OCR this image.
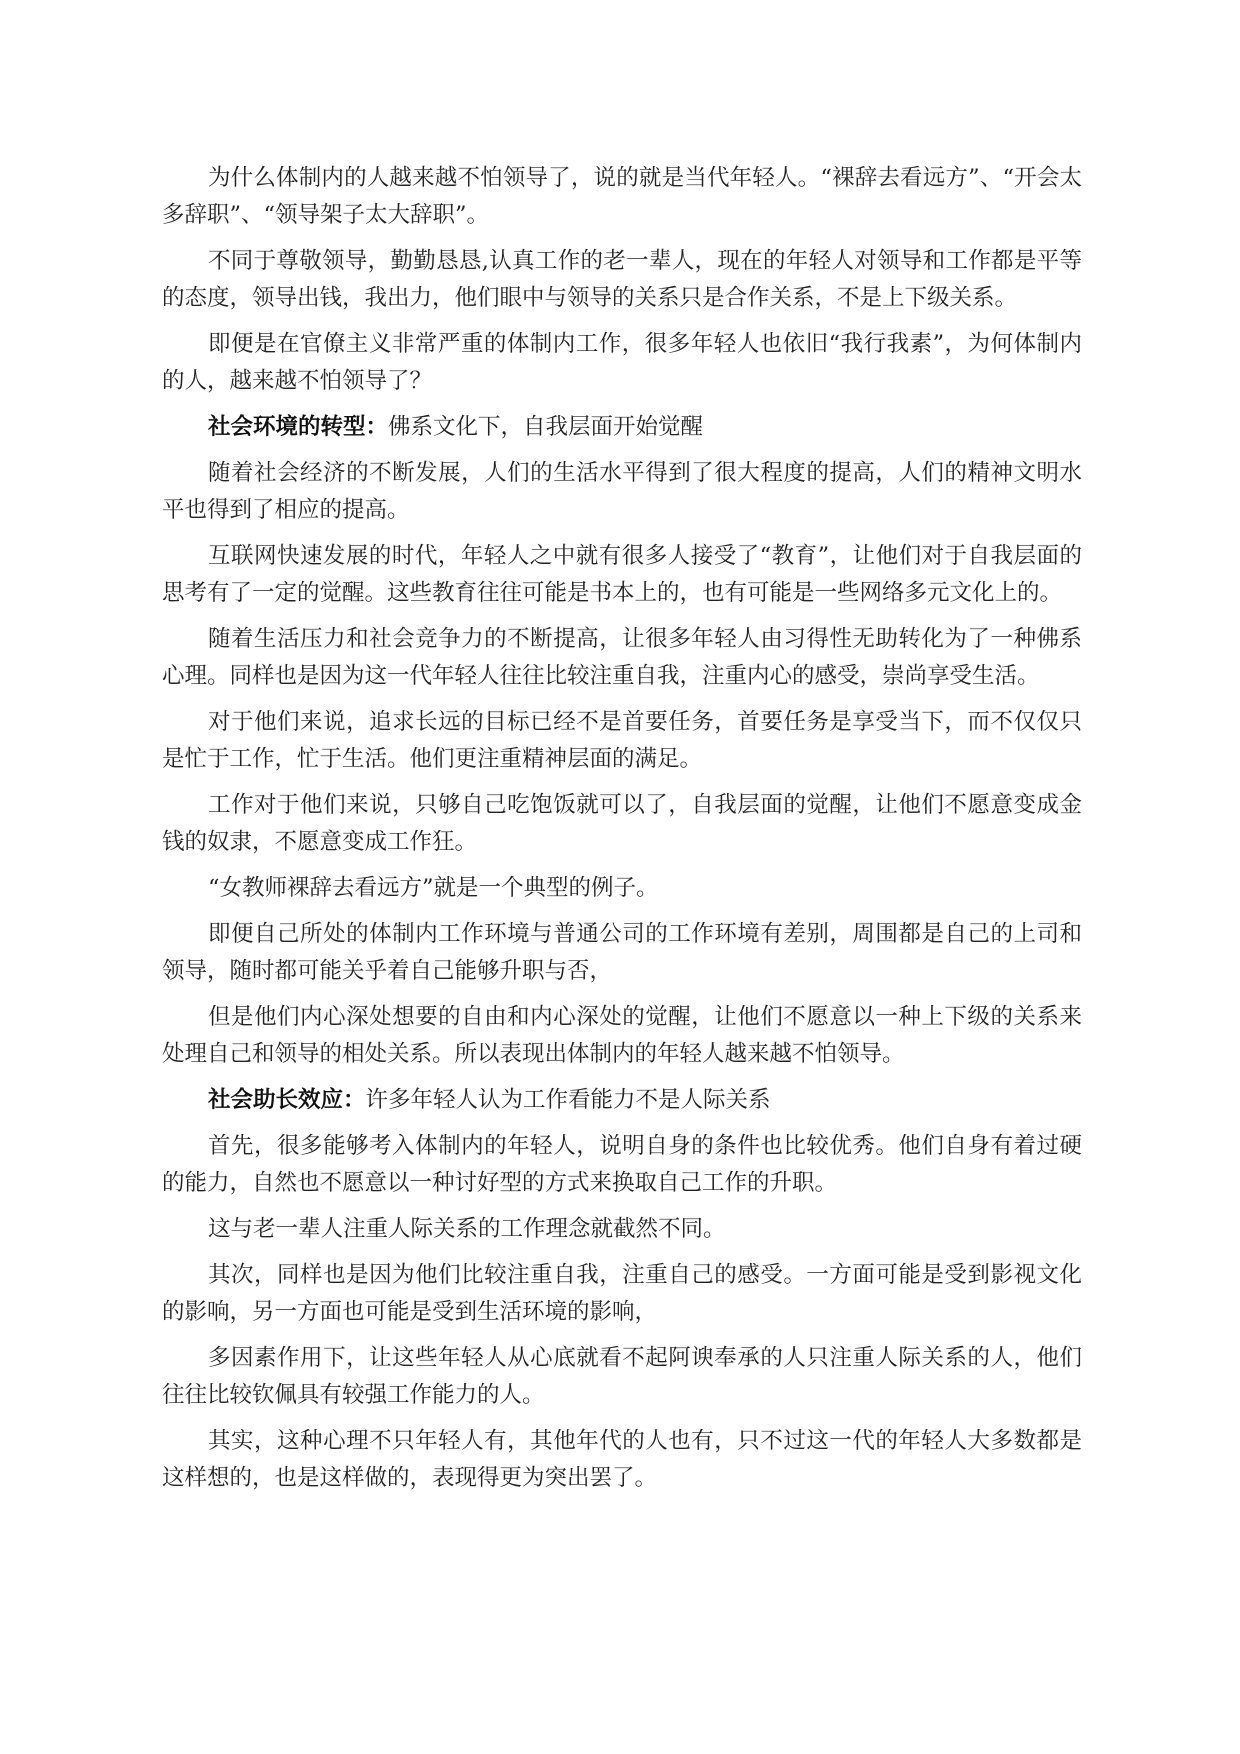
为什么体制内的人越来越不怕领导了，说的就是当代年轻人。“裸辞去看远方”、“开会太多辞职”、“领导架子太大辞职”。

不同于尊敬领导，勤勤恳恳,认真工作的老一辈人，现在的年轻人对领导和工作都是平等的态度，领导出钱，我出力，他们眼中与领导的关系只是合作关系，不是上下级关系。

即便是在官僚主义非常严重的体制内工作，很多年轻人也依旧“我行我素”，为何体制内的人，越来越不怕领导了？

社会环境的转型：佛系文化下，自我层面开始觉醒

随着社会经济的不断发展，人们的生活水平得到了很大程度的提高，人们的精神文明水平也得到了相应的提高。

互联网快速发展的时代，年轻人之中就有很多人接受了“教育”，让他们对于自我层面的思考有了一定的觉醒。这些教育往往可能是书本上的，也有可能是一些网络多元文化上的。

随着生活压力和社会竞争力的不断提高，让很多年轻人由习得性无助转化为了一种佛系心理。同样也是因为这一代年轻人往往比较注重自我，注重内心的感受，崇尚享受生活。

对于他们来说，追求长远的目标已经不是首要任务，首要任务是享受当下，而不仅仅只是忙于工作，忙于生活。他们更注重精神层面的满足。

工作对于他们来说，只够自己吃饱饭就可以了，自我层面的觉醒，让他们不愿意变成金钱的奴隶，不愿意变成工作狂。

“女教师裸辞去看远方”就是一个典型的例子。

即便自己所处的体制内工作环境与普通公司的工作环境有差别，周围都是自己的上司和领导，随时都可能关乎着自己能够升职与否，

但是他们内心深处想要的自由和内心深处的觉醒，让他们不愿意以一种上下级的关系来处理自己和领导的相处关系。所以表现出体制内的年轻人越来越不怕领导。

社会助长效应：许多年轻人认为工作看能力不是人际关系

首先，很多能够考入体制内的年轻人，说明自身的条件也比较优秀。他们自身有着过硬的能力，自然也不愿意以一种讨好型的方式来换取自己工作的升职。

这与老一辈人注重人际关系的工作理念就截然不同。

其次，同样也是因为他们比较注重自我，注重自己的感受。一方面可能是受到影视文化的影响，另一方面也可能是受到生活环境的影响，

多因素作用下，让这些年轻人从心底就看不起阿谀奉承的人只注重人际关系的人，他们往往比较钦佩具有较强工作能力的人。

其实，这种心理不只年轻人有，其他年代的人也有，只不过这一代的年轻人大多数都是这样想的，也是这样做的，表现得更为突出罢了。
